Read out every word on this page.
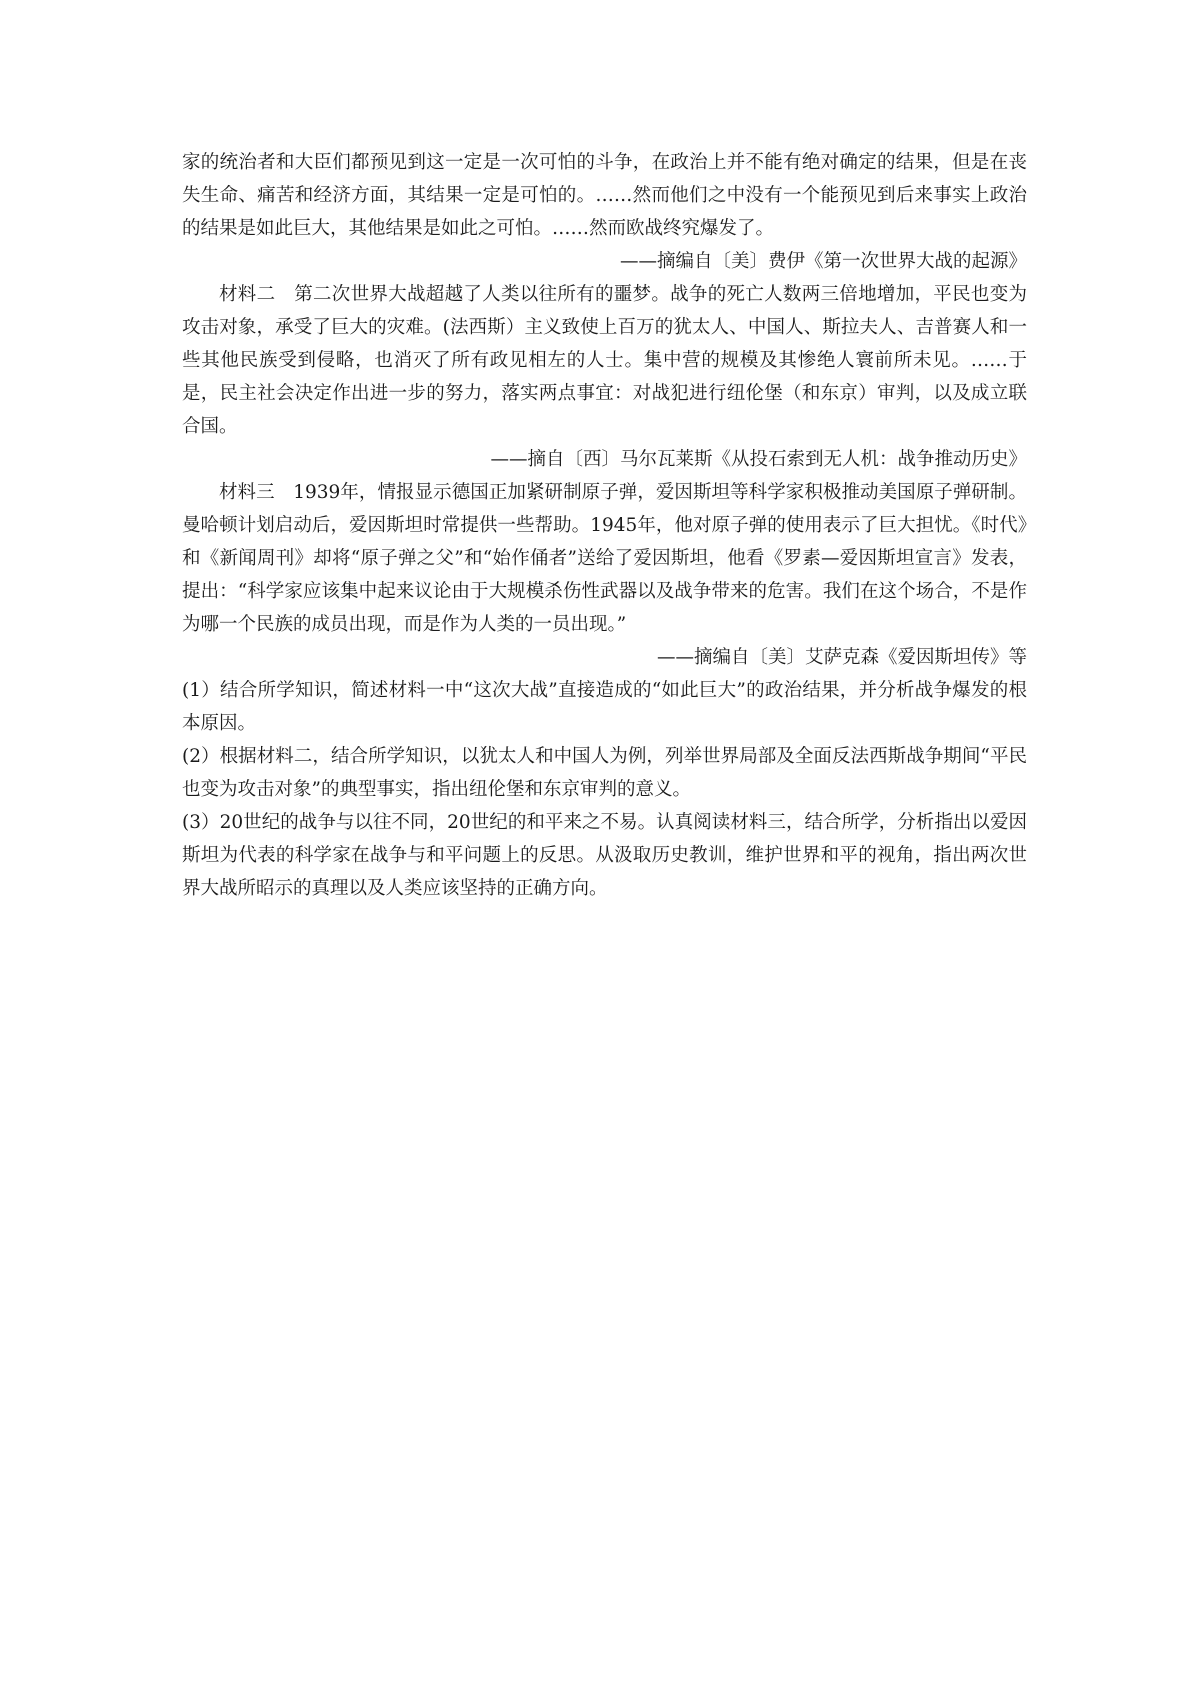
家的统治者和大臣们都预见到这一定是一次可怕的斗争，在政治上并不能有绝对确定的结果，但是在丧失生命、痛苦和经济方面，其结果一定是可怕的。……然而他们之中没有一个能预见到后来事实上政治的结果是如此巨大，其他结果是如此之可怕。……然而欧战终究爆发了。

——摘编自〔美〕费伊《第一次世界大战的起源》

材料二　第二次世界大战超越了人类以往所有的噩梦。战争的死亡人数两三倍地增加，平民也变为攻击对象，承受了巨大的灾难。(法西斯）主义致使上百万的犹太人、中国人、斯拉夫人、吉普赛人和一些其他民族受到侵略，也消灭了所有政见相左的人士。集中营的规模及其惨绝人寰前所未见。……于是，民主社会决定作出进一步的努力，落实两点事宜：对战犯进行纽伦堡（和东京）审判，以及成立联合国。

——摘自〔西〕马尔瓦莱斯《从投石索到无人机：战争推动历史》

材料三　1939年，情报显示德国正加紧研制原子弹，爱因斯坦等科学家积极推动美国原子弹研制。曼哈顿计划启动后，爱因斯坦时常提供一些帮助。1945年，他对原子弹的使用表示了巨大担忧。《时代》和《新闻周刊》却将“原子弹之父”和“始作俑者”送给了爱因斯坦，他看《罗素—爱因斯坦宣言》发表，提出：“科学家应该集中起来议论由于大规模杀伤性武器以及战争带来的危害。我们在这个场合，不是作为哪一个民族的成员出现，而是作为人类的一员出现。”

——摘编自〔美〕艾萨克森《爱因斯坦传》等

(1）结合所学知识，简述材料一中“这次大战”直接造成的“如此巨大”的政治结果，并分析战争爆发的根本原因。

(2）根据材料二，结合所学知识，以犹太人和中国人为例，列举世界局部及全面反法西斯战争期间“平民也变为攻击对象”的典型事实，指出纽伦堡和东京审判的意义。

(3）20世纪的战争与以往不同，20世纪的和平来之不易。认真阅读材料三，结合所学，分析指出以爱因斯坦为代表的科学家在战争与和平问题上的反思。从汲取历史教训，维护世界和平的视角，指出两次世界大战所昭示的真理以及人类应该坚持的正确方向。
